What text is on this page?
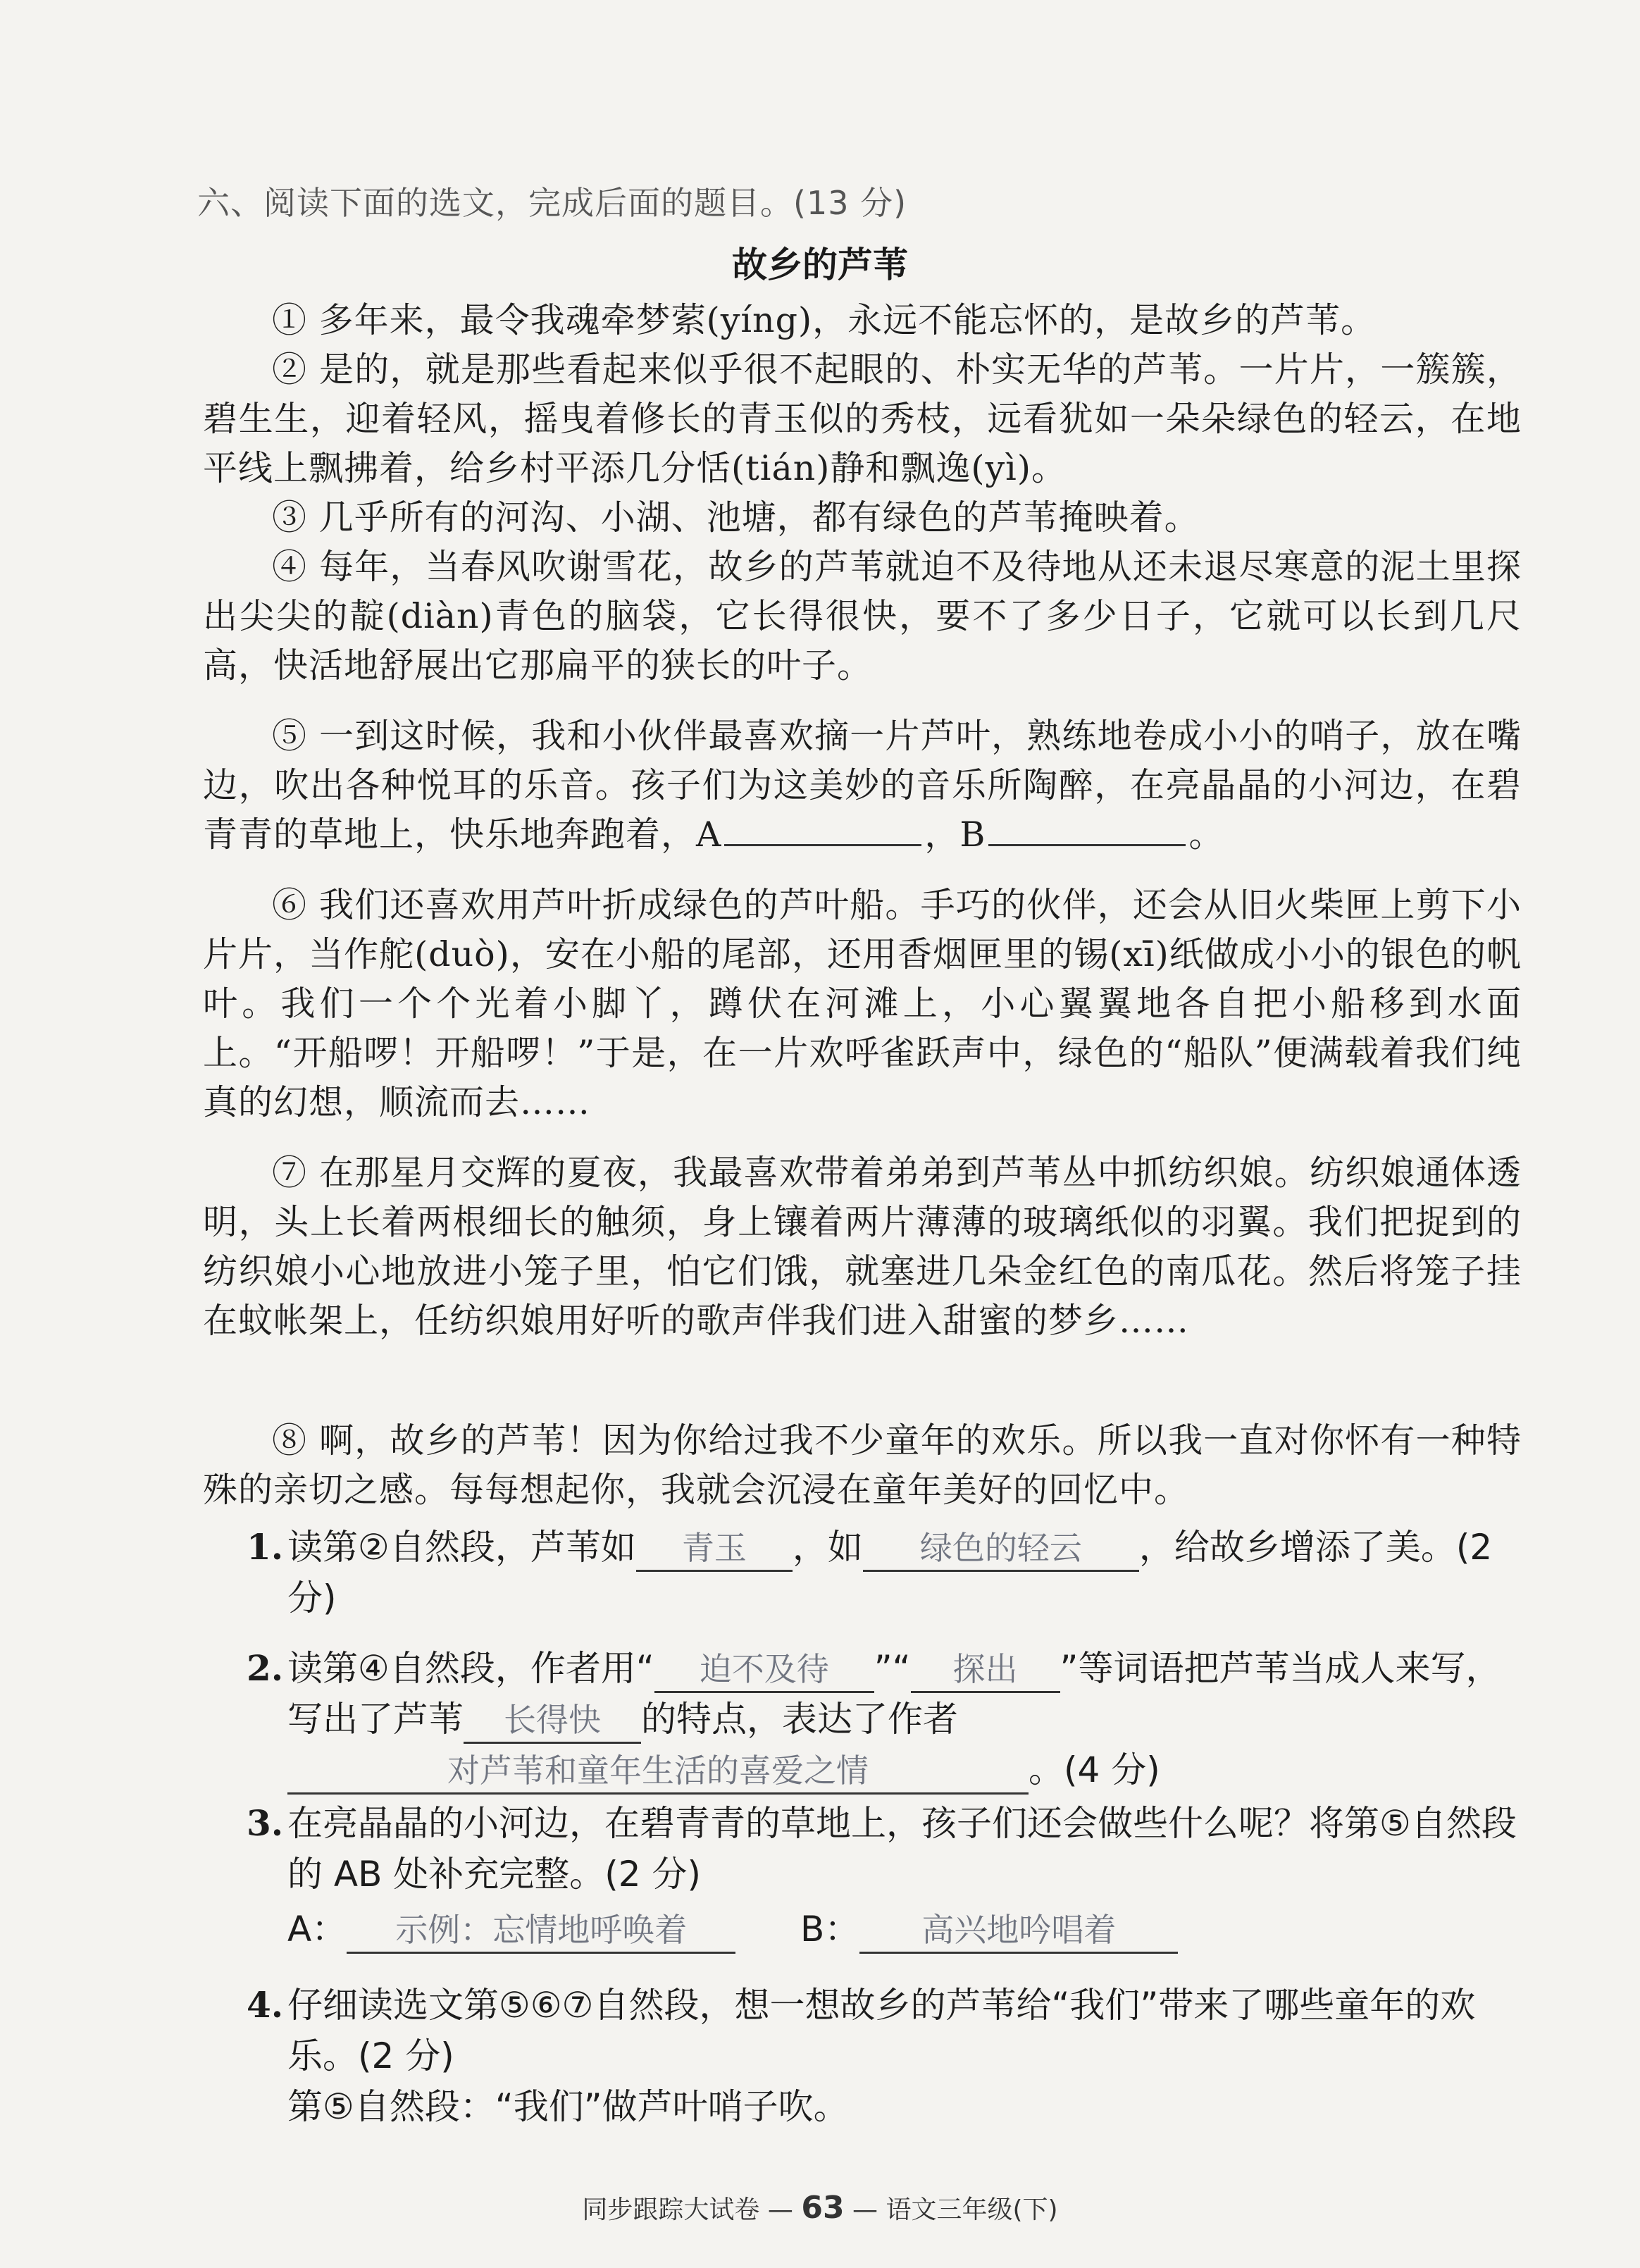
六、阅读下面的选文，完成后面的题目。(13 分)
故乡的芦苇
① 多年来，最令我魂牵梦萦(yíng)，永远不能忘怀的，是故乡的芦苇。
② 是的，就是那些看起来似乎很不起眼的、朴实无华的芦苇。一片片，一簇簇，碧生生，迎着轻风，摇曳着修长的青玉似的秀枝，远看犹如一朵朵绿色的轻云，在地平线上飘拂着，给乡村平添几分恬(tián)静和飘逸(yì)。
③ 几乎所有的河沟、小湖、池塘，都有绿色的芦苇掩映着。
④ 每年，当春风吹谢雪花，故乡的芦苇就迫不及待地从还未退尽寒意的泥土里探出尖尖的靛(diàn)青色的脑袋，它长得很快，要不了多少日子，它就可以长到几尺高，快活地舒展出它那扁平的狭长的叶子。
⑤ 一到这时候，我和小伙伴最喜欢摘一片芦叶，熟练地卷成小小的哨子，放在嘴边，吹出各种悦耳的乐音。孩子们为这美妙的音乐所陶醉，在亮晶晶的小河边，在碧青青的草地上，快乐地奔跑着，A	，B	。
⑥ 我们还喜欢用芦叶折成绿色的芦叶船。手巧的伙伴，还会从旧火柴匣上剪下小片片，当作舵(duò)，安在小船的尾部，还用香烟匣里的锡(xī)纸做成小小的银色的帆叶。我们一个个光着小脚丫，蹲伏在河滩上，小心翼翼地各自把小船移到水面上。“开船啰！开船啰！”于是，在一片欢呼雀跃声中，绿色的“船队”便满载着我们纯真的幻想，顺流而去……
⑦ 在那星月交辉的夏夜，我最喜欢带着弟弟到芦苇丛中抓纺织娘。纺织娘通体透明，头上长着两根细长的触须，身上镶着两片薄薄的玻璃纸似的羽翼。我们把捉到的纺织娘小心地放进小笼子里，怕它们饿，就塞进几朵金红色的南瓜花。然后将笼子挂在蚊帐架上，任纺织娘用好听的歌声伴我们进入甜蜜的梦乡……
⑧ 啊，故乡的芦苇！因为你给过我不少童年的欢乐。所以我一直对你怀有一种特殊的亲切之感。每每想起你，我就会沉浸在童年美好的回忆中。
1. 读第②自然段，芦苇如 青玉 ，如 绿色的轻云 ，给故乡增添了美。(2分)
2. 读第④自然段，作者用“ 迫不及待 ”“ 探出 ”等词语把芦苇当成人来写，写出了芦苇 长得快 的特点，表达了作者对芦苇和童年生活的喜爱之情	。(4 分)
3. 在亮晶晶的小河边，在碧青青的草地上，孩子们还会做些什么呢？将第⑤自然段的 AB 处补充完整。(2 分)
A： 示例：忘情地呼唤着	B： 高兴地吟唱着
4. 仔细读选文第⑤⑥⑦自然段，想一想故乡的芦苇给“我们”带来了哪些童年的欢乐。(2 分)
第⑤自然段：“我们”做芦叶哨子吹。
同步跟踪大试卷 — 63 — 语文三年级(下)
